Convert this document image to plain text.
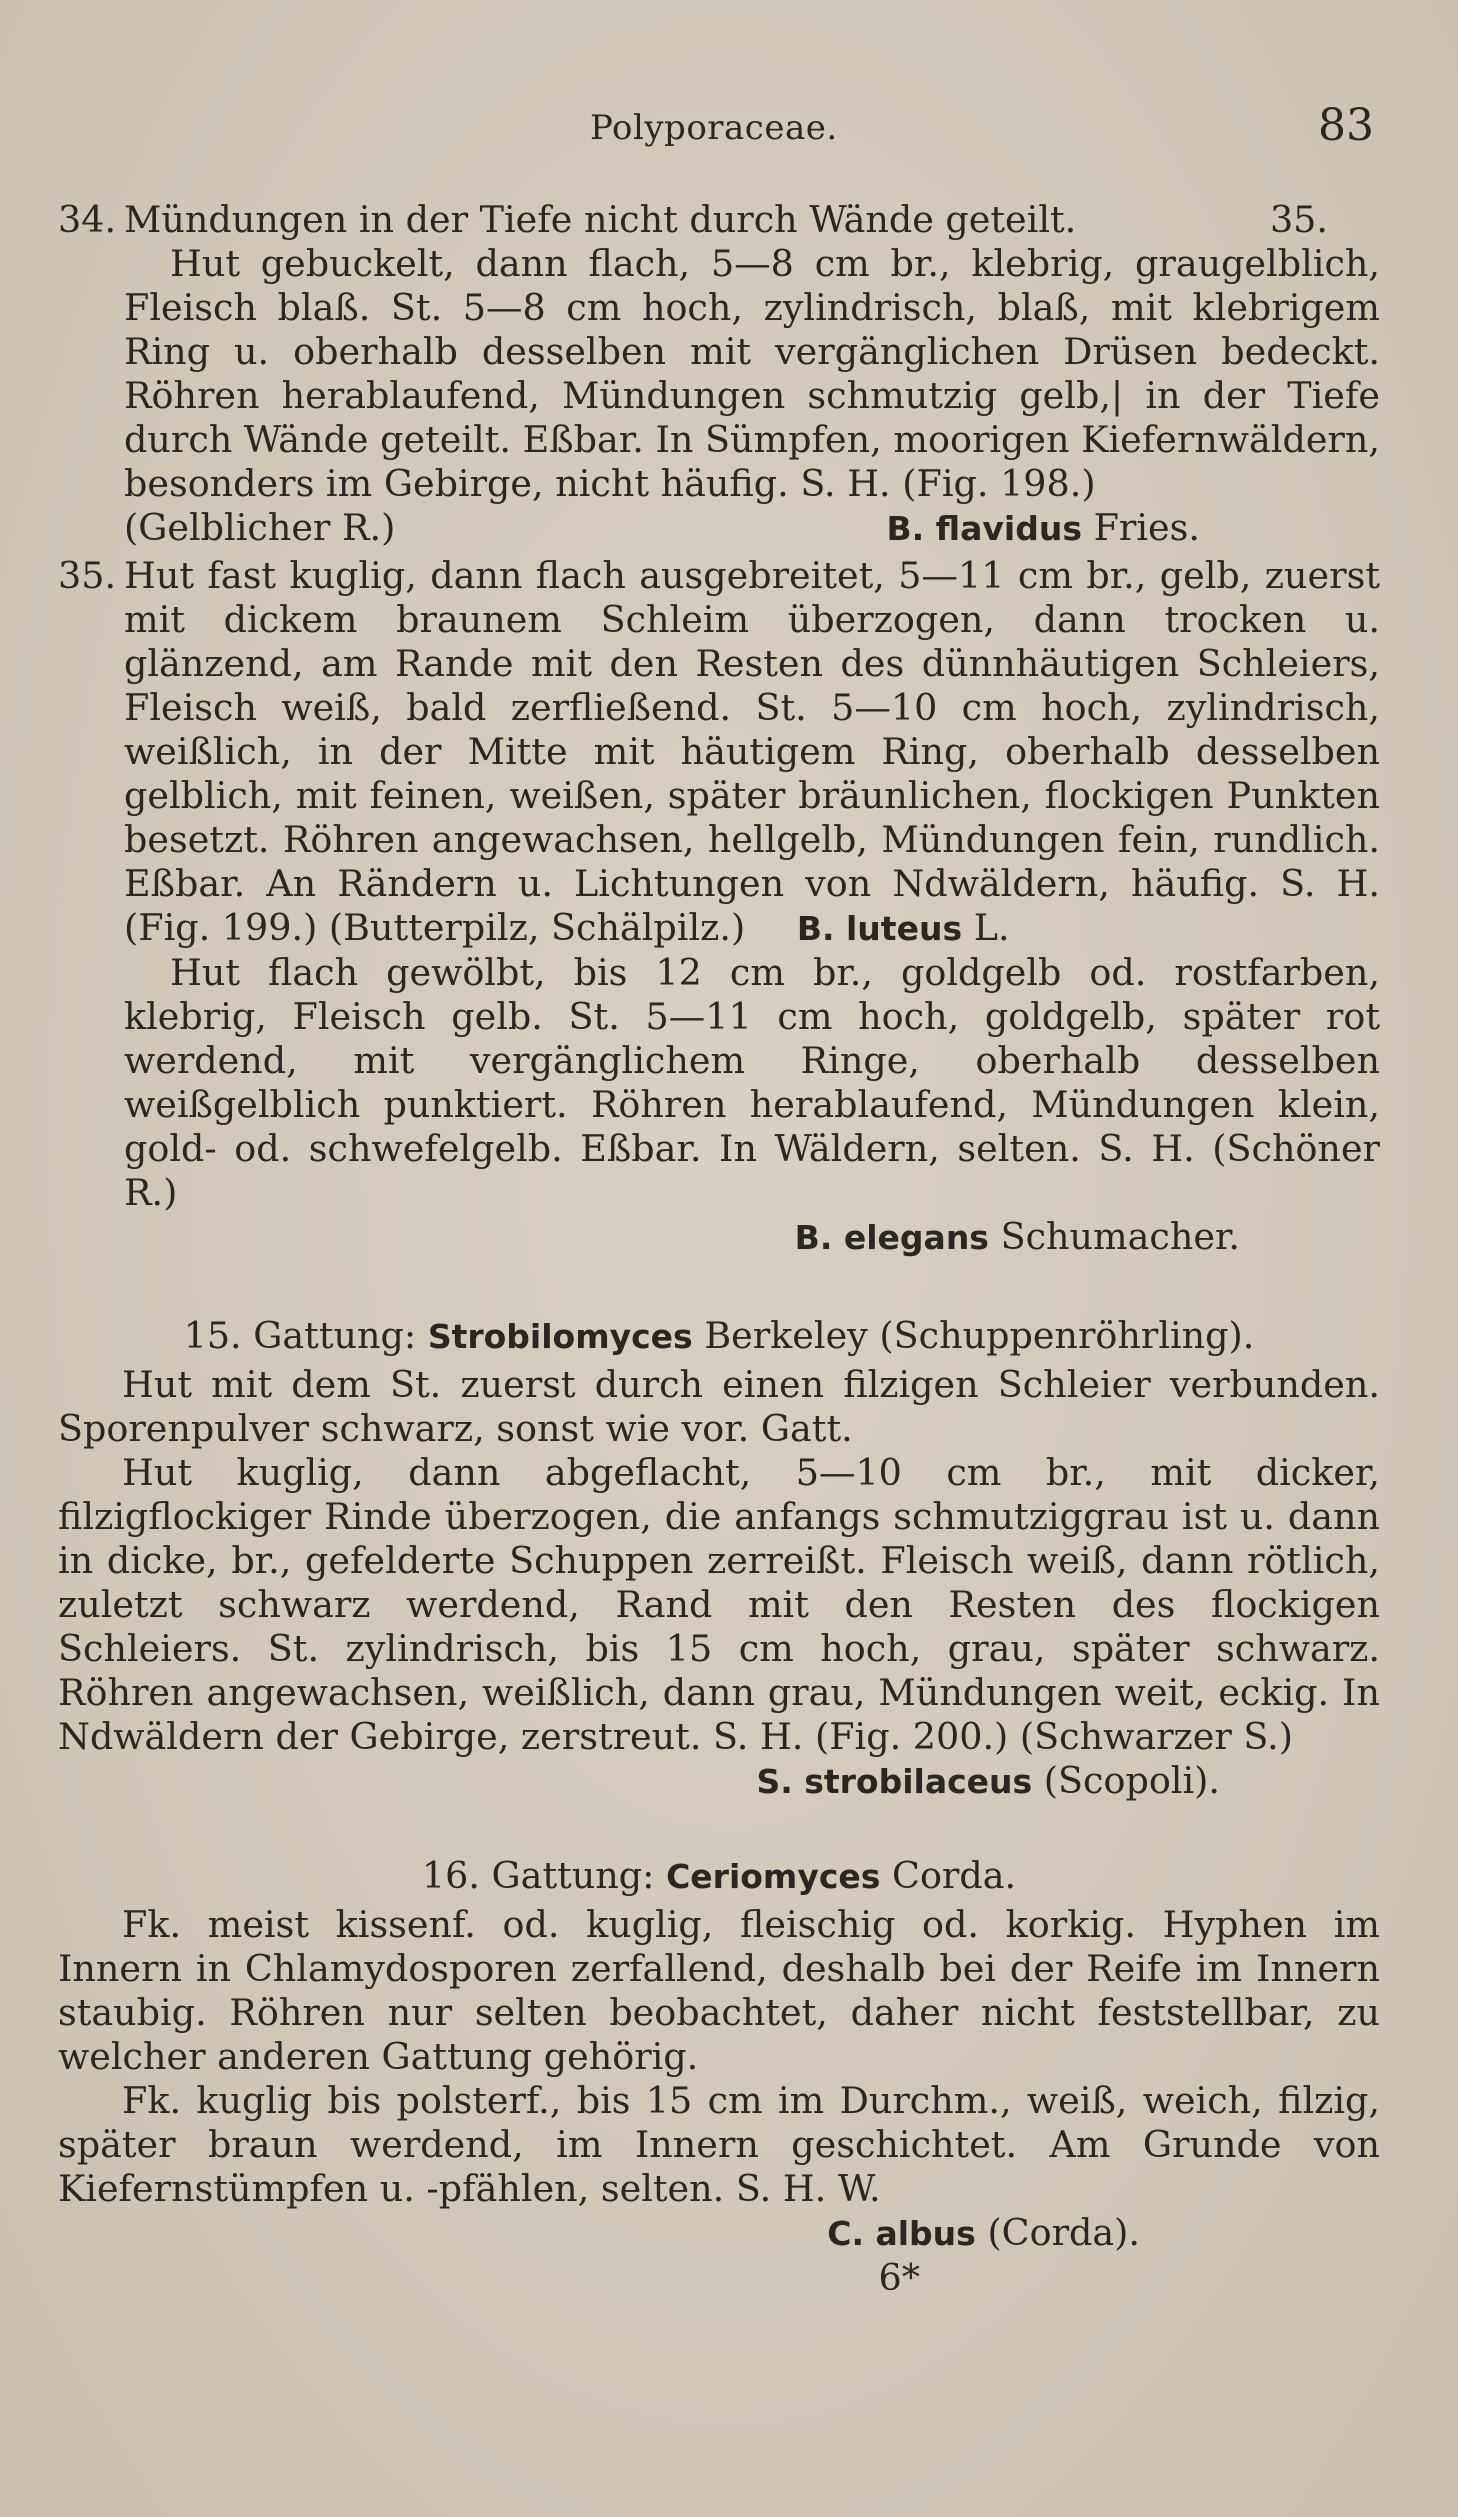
Polyporaceae.	83

34. Mündungen in der Tiefe nicht durch Wände geteilt.	35.

Hut gebuckelt, dann flach, 5—8 cm br., klebrig, graugelblich, Fleisch blaß. St. 5—8 cm hoch, zylindrisch, blaß, mit klebrigem Ring u. oberhalb desselben mit vergänglichen Drüsen bedeckt. Röhren herablaufend, Mündungen schmutzig gelb,| in der Tiefe durch Wände geteilt. Eßbar. In Sümpfen, moorigen Kiefernwäldern, besonders im Gebirge, nicht häufig. S. H. (Fig. 198.)

(Gelblicher R.)	B. flavidus Fries.

35. Hut fast kuglig, dann flach ausgebreitet, 5—11 cm br., gelb, zuerst mit dickem braunem Schleim überzogen, dann trocken u. glänzend, am Rande mit den Resten des dünnhäutigen Schleiers, Fleisch weiß, bald zerfließend. St. 5—10 cm hoch, zylindrisch, weißlich, in der Mitte mit häutigem Ring, oberhalb desselben gelblich, mit feinen, weißen, später bräunlichen, flockigen Punkten besetzt. Röhren angewachsen, hellgelb, Mündungen fein, rundlich. Eßbar. An Rändern u. Lichtungen von Ndwäldern, häufig. S. H. (Fig. 199.) (Butterpilz, Schälpilz.) B. luteus L.

Hut flach gewölbt, bis 12 cm br., goldgelb od. rostfarben, klebrig, Fleisch gelb. St. 5—11 cm hoch, goldgelb, später rot werdend, mit vergänglichem Ringe, oberhalb desselben weißgelblich punktiert. Röhren herablaufend, Mündungen klein, gold- od. schwefelgelb. Eßbar. In Wäldern, selten. S. H. (Schöner R.)

B. elegans Schumacher.

15. Gattung: Strobilomyces Berkeley (Schuppenröhrling).

Hut mit dem St. zuerst durch einen filzigen Schleier verbunden. Sporenpulver schwarz, sonst wie vor. Gatt.

Hut kuglig, dann abgeflacht, 5—10 cm br., mit dicker, filzigflockiger Rinde überzogen, die anfangs schmutziggrau ist u. dann in dicke, br., gefelderte Schuppen zerreißt. Fleisch weiß, dann rötlich, zuletzt schwarz werdend, Rand mit den Resten des flockigen Schleiers. St. zylindrisch, bis 15 cm hoch, grau, später schwarz. Röhren angewachsen, weißlich, dann grau, Mündungen weit, eckig. In Ndwäldern der Gebirge, zerstreut. S. H. (Fig. 200.) (Schwarzer S.)

S. strobilaceus (Scopoli).

16. Gattung: Ceriomyces Corda.

Fk. meist kissenf. od. kuglig, fleischig od. korkig. Hyphen im Innern in Chlamydosporen zerfallend, deshalb bei der Reife im Innern staubig. Röhren nur selten beobachtet, daher nicht feststellbar, zu welcher anderen Gattung gehörig.

Fk. kuglig bis polsterf., bis 15 cm im Durchm., weiß, weich, filzig, später braun werdend, im Innern geschichtet. Am Grunde von Kiefernstümpfen u. -pfählen, selten. S. H. W.

C. albus (Corda).

6*
